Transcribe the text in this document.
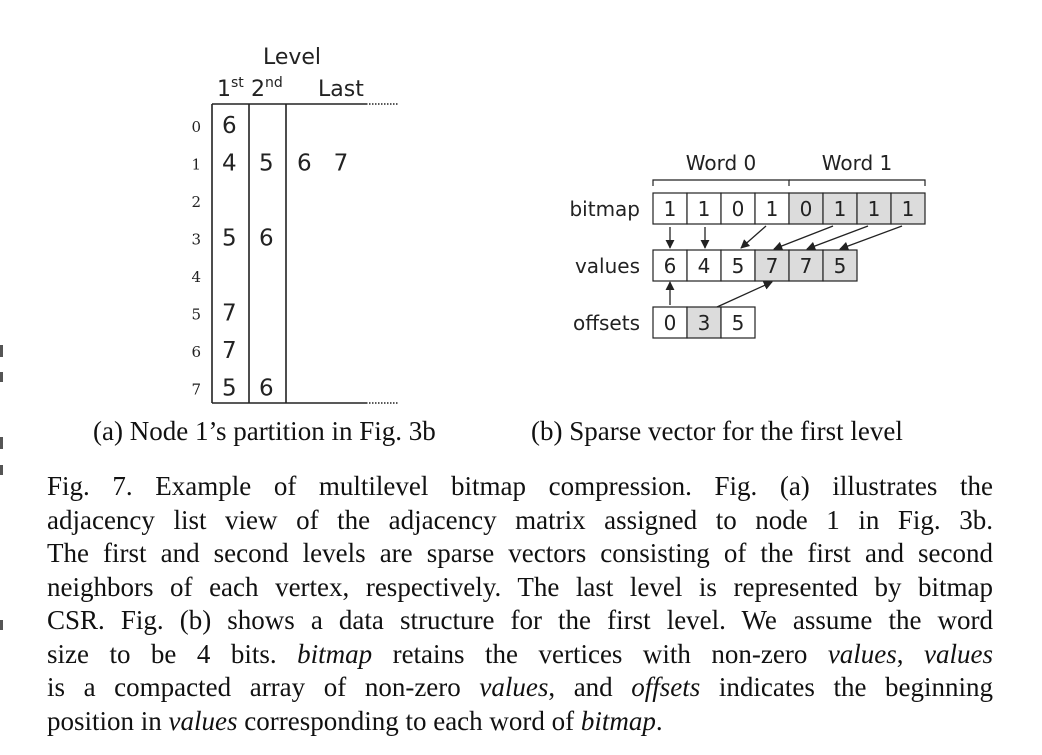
Level
1st 2nd Last
0 6
1 4 5 6   7
2
3 5 6
4
5 7
6 7
7 5 6
Word 0	Word 1
bitmap
values
offsets
1 1 0 1 0 1 1 1
6 4 5 7 7 5
0 3 5
(a) Node 1’s partition in Fig. 3b	(b) Sparse vector for the first level
Fig. 7. Example of multilevel bitmap compression. Fig. (a) illustrates the
adjacency list view of the adjacency matrix assigned to node 1 in Fig. 3b.
The first and second levels are sparse vectors consisting of the first and second
neighbors of each vertex, respectively. The last level is represented by bitmap
CSR. Fig. (b) shows a data structure for the first level. We assume the word
size to be 4 bits. bitmap retains the vertices with non-zero values, values
is a compacted array of non-zero values, and offsets indicates the beginning
position in values corresponding to each word of bitmap.
